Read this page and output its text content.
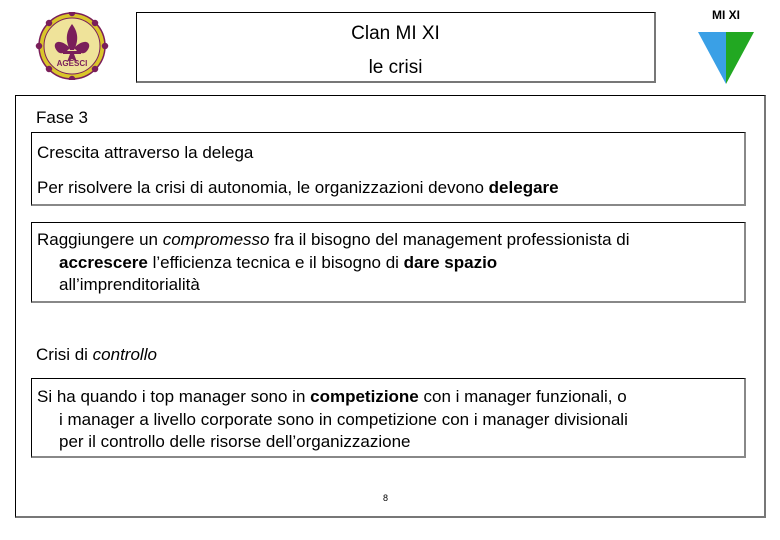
AGESCI
Clan MI XI
le crisi
MI XI
Fase 3
Crescita attraverso la delega
Per risolvere la crisi di autonomia, le organizzazioni devono delegare
Raggiungere un compromesso fra il bisogno del management professionista di
accrescere l’efficienza tecnica e il bisogno di dare spazio
all’imprenditorialità
Crisi di controllo
Si ha quando i top manager sono in competizione con i manager funzionali, o
i manager a livello corporate sono in competizione con i manager divisionali
per il controllo delle risorse dell’organizzazione
8
